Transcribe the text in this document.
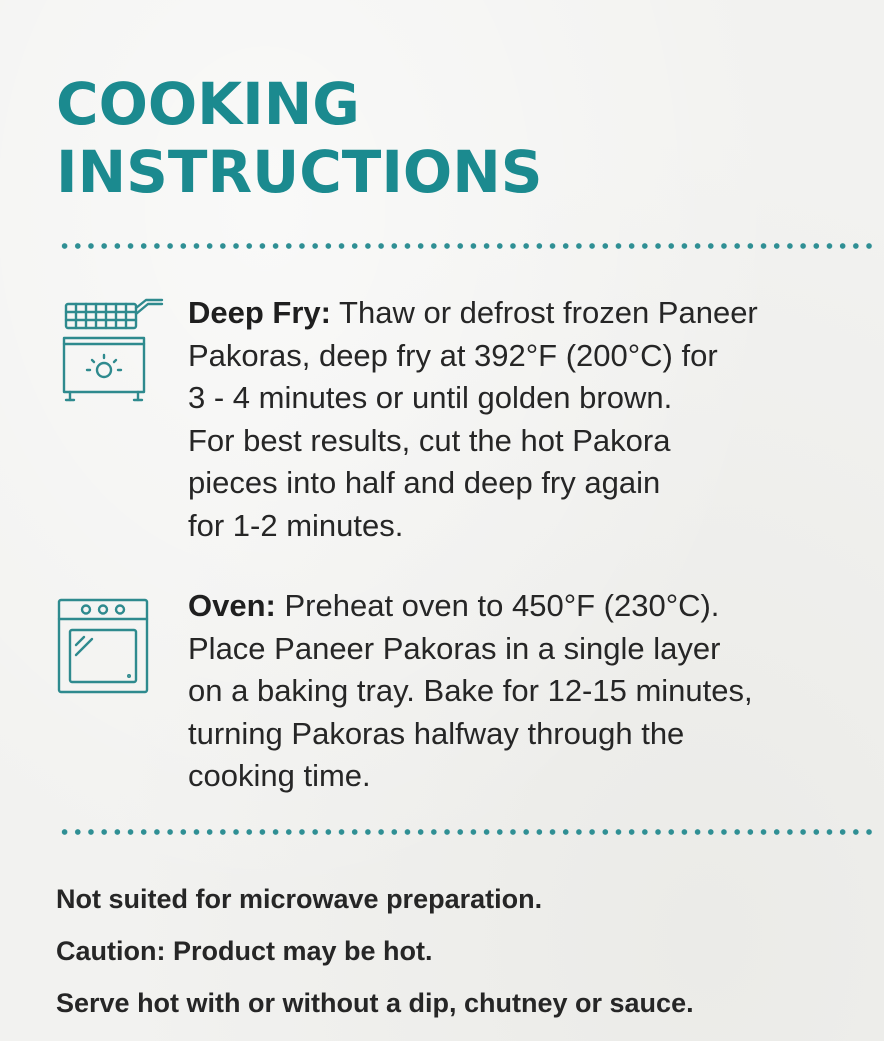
COOKING
INSTRUCTIONS
Deep Fry: Thaw or defrost frozen Paneer
Pakoras, deep fry at 392°F (200°C) for
3 - 4 minutes or until golden brown.
For best results, cut the hot Pakora
pieces into half and deep fry again
for 1-2 minutes.
Oven: Preheat oven to 450°F (230°C).
Place Paneer Pakoras in a single layer
on a baking tray. Bake for 12-15 minutes,
turning Pakoras halfway through the
cooking time.
Not suited for microwave preparation.
Caution: Product may be hot.
Serve hot with or without a dip, chutney or sauce.
